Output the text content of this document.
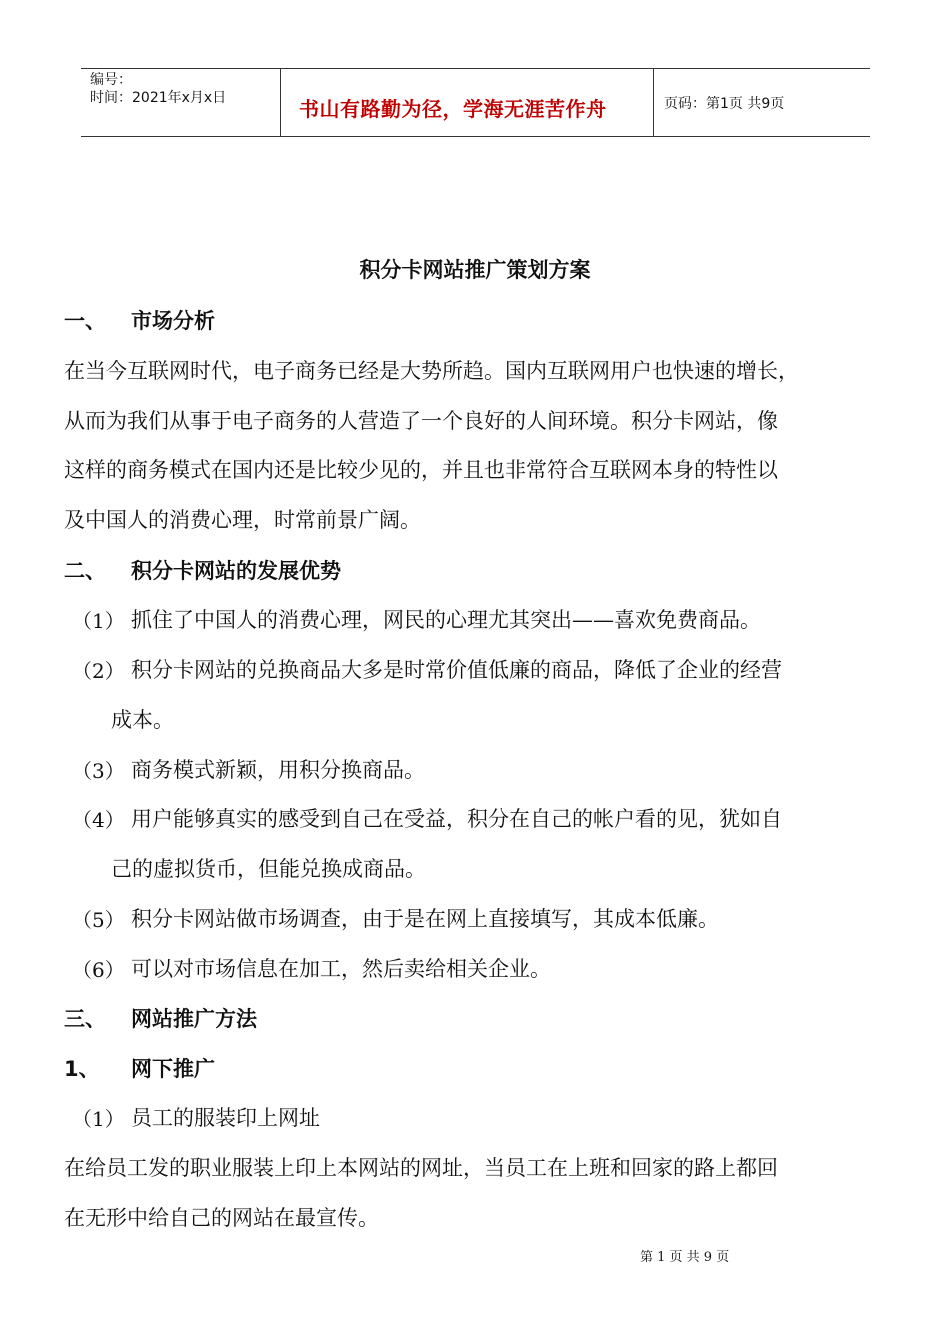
编号：
时间：2021年x月x日	书山有路勤为径，学海无涯苦作舟	页码：第1页 共9页
积分卡网站推广策划方案
一、 市场分析
在当今互联网时代，电子商务已经是大势所趋。国内互联网用户也快速的增长，
从而为我们从事于电子商务的人营造了一个良好的人间环境。积分卡网站，像
这样的商务模式在国内还是比较少见的，并且也非常符合互联网本身的特性以
及中国人的消费心理，时常前景广阔。
二、 积分卡网站的发展优势
（1） 抓住了中国人的消费心理，网民的心理尤其突出——喜欢免费商品。
（2） 积分卡网站的兑换商品大多是时常价值低廉的商品，降低了企业的经营
成本。
（3） 商务模式新颖，用积分换商品。
（4） 用户能够真实的感受到自己在受益，积分在自己的帐户看的见，犹如自
己的虚拟货币，但能兑换成商品。
（5） 积分卡网站做市场调查，由于是在网上直接填写，其成本低廉。
（6） 可以对市场信息在加工，然后卖给相关企业。
三、 网站推广方法
1、 网下推广
（1） 员工的服装印上网址
在给员工发的职业服装上印上本网站的网址，当员工在上班和回家的路上都回
在无形中给自己的网站在最宣传。
第 1 页 共 9 页
